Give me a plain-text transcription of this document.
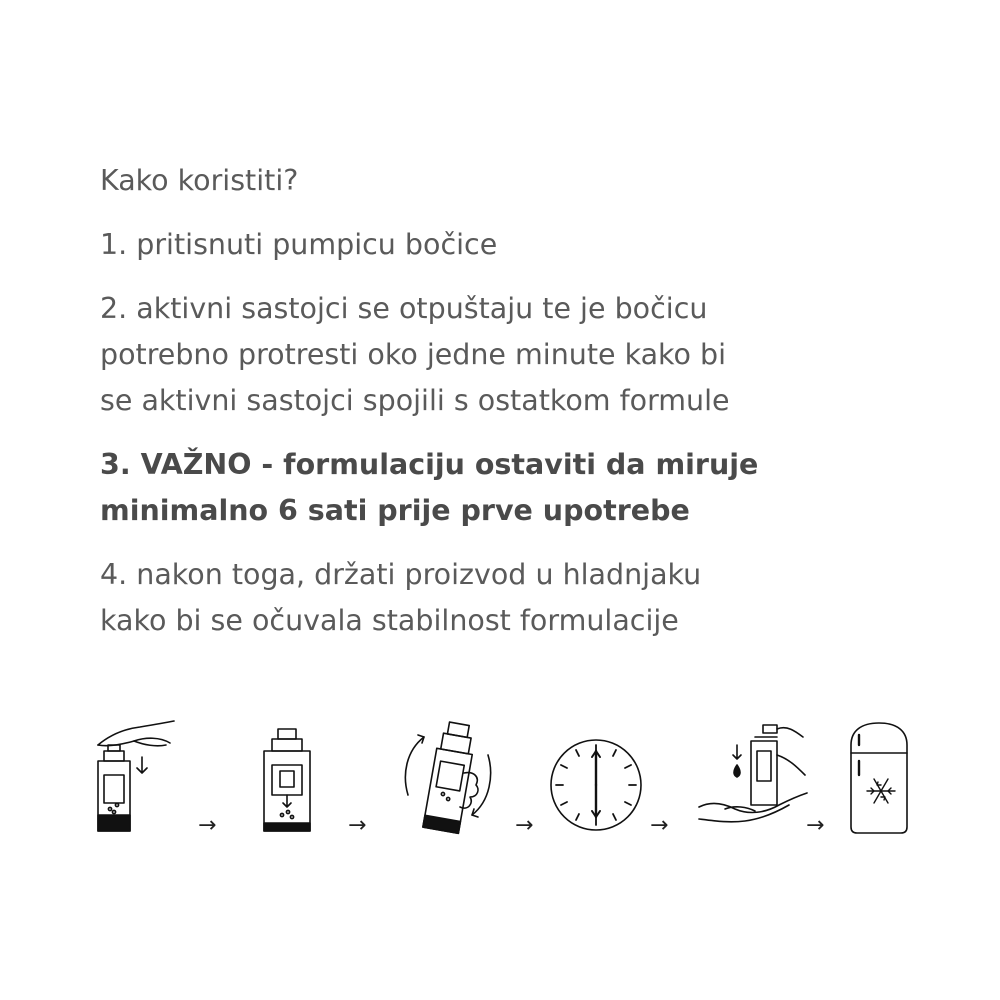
Kako koristiti?

1. pritisnuti pumpicu bočice

2. aktivni sastojci se otpuštaju te je bočicu
potrebno protresti oko jedne minute kako bi
se aktivni sastojci spojili s ostatkom formule

3. VAŽNO - formulaciju ostaviti da miruje
minimalno 6 sati prije prve upotrebe

4. nakon toga, držati proizvod u hladnjaku
kako bi se očuvala stabilnost formulacije

→	→	→	→	→
